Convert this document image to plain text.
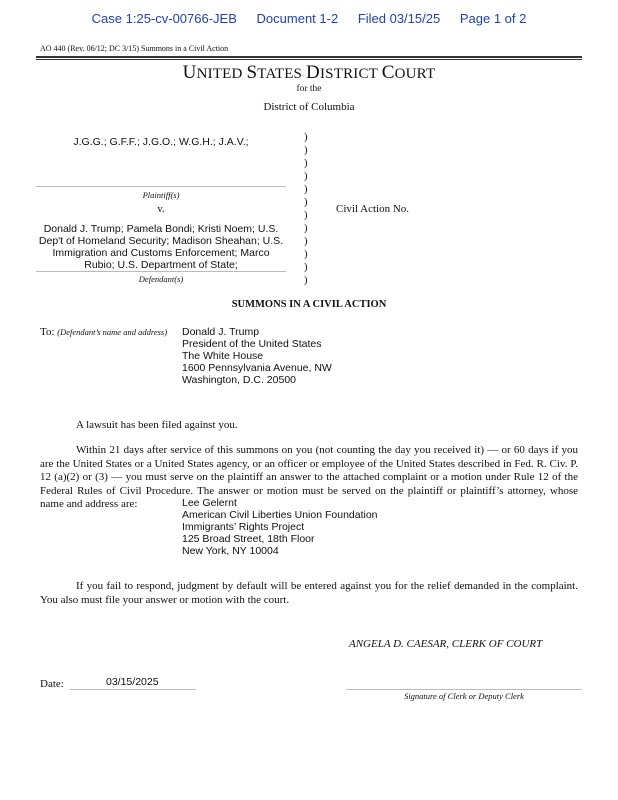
Case 1:25-cv-00766-JEB Document 1-2 Filed 03/15/25 Page 1 of 2
AO 440 (Rev. 06/12; DC 3/15) Summons in a Civil Action
UNITED STATES DISTRICT COURT
for the
District of Columbia
J.G.G.; G.F.F.; J.G.O.; W.G.H.; J.A.V.;
Plaintiff(s)
v.
Donald J. Trump; Pamela Bondi; Kristi Noem; U.S.
Dep't of Homeland Security; Madison Sheahan; U.S.
Immigration and Customs Enforcement; Marco
Rubio; U.S. Department of State;
Defendant(s)
)
)
)
)
)
)
)
)
)
)
)
)
Civil Action No.
SUMMONS IN A CIVIL ACTION
To: (Defendant’s name and address) Donald J. Trump
President of the United States
The White House
1600 Pennsylvania Avenue, NW
Washington, D.C. 20500
A lawsuit has been filed against you.
Within 21 days after service of this summons on you (not counting the day you received it) — or 60 days if you are the United States or a United States agency, or an officer or employee of the United States described in Fed. R. Civ. P. 12 (a)(2) or (3) — you must serve on the plaintiff an answer to the attached complaint or a motion under Rule 12 of the Federal Rules of Civil Procedure. The answer or motion must be served on the plaintiff or plaintiff’s attorney, whose name and address are:	Lee Gelernt
American Civil Liberties Union Foundation
Immigrants’ Rights Project
125 Broad Street, 18th Floor
New York, NY 10004
If you fail to respond, judgment by default will be entered against you for the relief demanded in the complaint. You also must file your answer or motion with the court.
ANGELA D. CAESAR, CLERK OF COURT
Date:	03/15/2025
Signature of Clerk or Deputy Clerk
